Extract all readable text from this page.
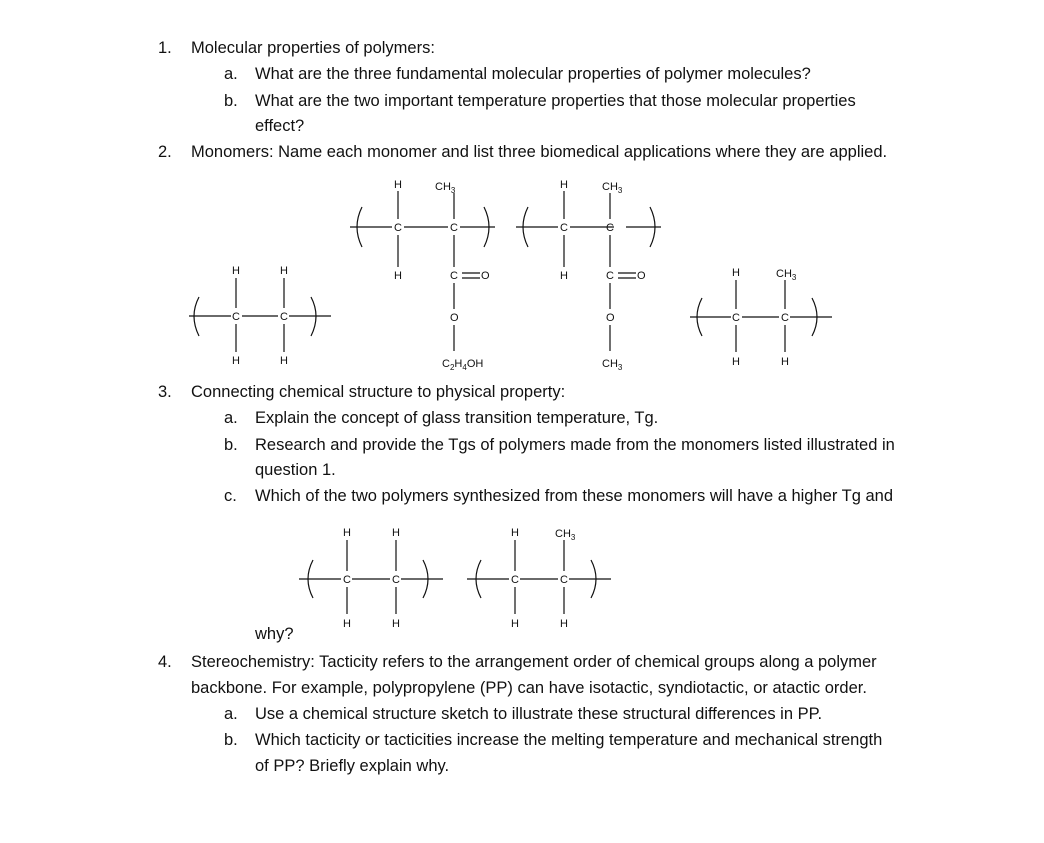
1. Molecular properties of polymers:
a. What are the three fundamental molecular properties of polymer molecules?
b. What are the two important temperature properties that those molecular properties
effect?
2. Monomers: Name each monomer and list three biomedical applications where they are applied.
C	C
H	H
H	H
C	C
H	$CH_3$
H	C O
O
$C_2H_4OH$
C	C
H	$CH_3$
H	C O
O
$CH_3$
C	C
H	$CH_3$
H	H
3. Connecting chemical structure to physical property:
a. Explain the concept of glass transition temperature, Tg.
b. Research and provide the Tgs of polymers made from the monomers listed illustrated in
question 1.
c. Which of the two polymers synthesized from these monomers will have a higher Tg and
C	C
H	H
H	H
C	C
H	$CH_3$
H	H
why?
4. Stereochemistry: Tacticity refers to the arrangement order of chemical groups along a polymer
backbone. For example, polypropylene (PP) can have isotactic, syndiotactic, or atactic order.
a. Use a chemical structure sketch to illustrate these structural differences in PP.
b. Which tacticity or tacticities increase the melting temperature and mechanical strength
of PP? Briefly explain why.
